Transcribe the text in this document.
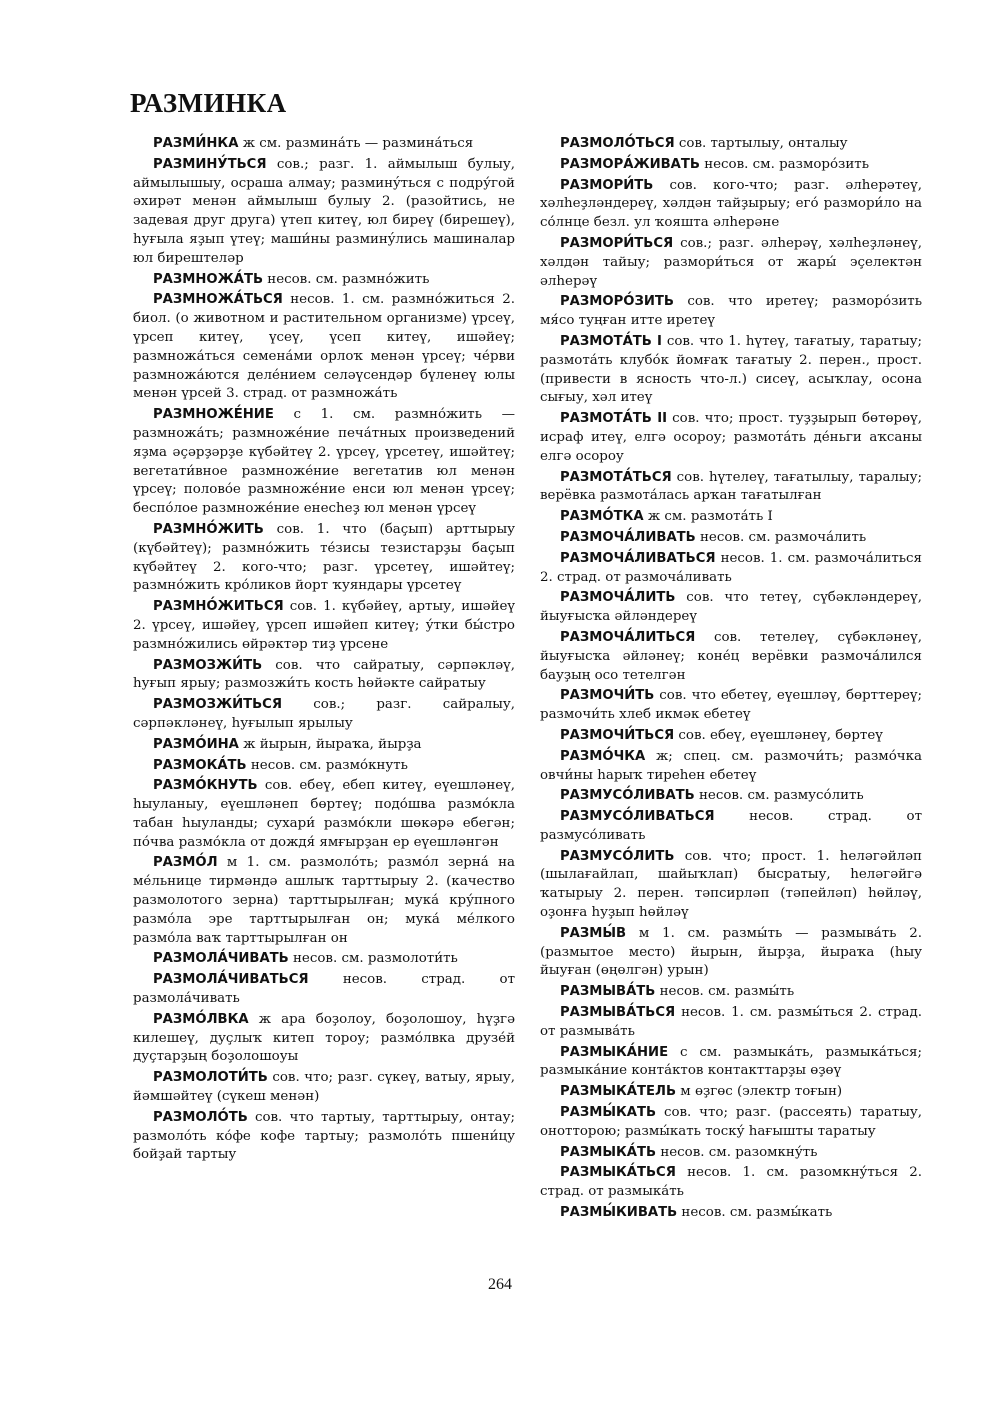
РАЗМИНКА

РАЗМИ́НКА ж см. размина́ть — размина́ться

РАЗМИНУ́ТЬСЯ сов.; разг. 1. аймылыш булыу, аймылышыу, осраша алмау; разминýться с подру́гой әхирәт менән аймылыш булыу 2. (разойтись, не задевая друг друга) үтеп китеү, юл биреү (бирешеү), һуғыла яҙып үтеү; маши́ны разминýлись машиналар юл бирештеләр

РАЗМНОЖА́ТЬ несов. см. размно́жить

РАЗМНОЖА́ТЬСЯ несов. 1. см. размно́житься 2. биол. (о животном и растительном организме) үрсеү, үрсеп китеү, үсеү, үсеп китеү, ишәйеү; размножа́ться семена́ми орлоҡ менән үрсеү; че́рви размножа́ются деле́нием селәүсендәр бүленеү юлы менән үрсей 3. страд. от размножа́ть

РАЗМНОЖЕ́НИЕ с 1. см. размно́жить — размножа́ть; размноже́ние печа́тных произведений яҙма әҫәрҙәрҙе күбәйтеү 2. үрсеү, үрсетеү, ишәйтеү; вегетати́вное размноже́ние вегетатив юл менән үрсеү; полово́е размноже́ние енси юл менән үрсеү; беспо́лое размноже́ние енесһеҙ юл менән үрсеү

РАЗМНО́ЖИТЬ сов. 1. что (баҫып) арттырыу (күбәйтеү); размно́жить те́зисы тезистарҙы баҫып күбәйтеү 2. кого-что; разг. үрсетеү, ишәйтеү; размно́жить кро́ликов йорт ҡуяндары үрсетеү

РАЗМНО́ЖИТЬСЯ сов. 1. күбәйеү, артыу, ишәйеү 2. үрсеү, ишәйеү, үрсеп ишәйеп китеү; у́тки бы́стро размно́жились өйрәктәр тиҙ үрсене

РАЗМОЗЖИ́ТЬ сов. что сайратыу, сәрпәкләү, һуғып ярыу; размозжи́ть кость һөйәкте сайратыу

РАЗМОЗЖИ́ТЬСЯ сов.; разг. сайралыу, сәрпәкләнеү, һуғылып ярылыу

РАЗМО́ИНА ж йырын, йыраҡа, йырҙа

РАЗМОКА́ТЬ несов. см. размо́кнуть

РАЗМО́КНУТЬ сов. ебеү, ебеп китеү, еүешләнеү, һыуланыу, еүешләнеп бөртеү; подо́шва размо́кла табан һыуланды; сухари́ размо́кли шөкәрә ебегән; по́чва размо́кла от дождя́ ямғырҙан ер еүешләнгән

РАЗМО́Л м 1. см. размоло́ть; размо́л зерна́ на ме́льнице тирмәндә ашлыҡ тарттырыу 2. (качество размолотого зерна) тарттырылған; мука́ кру́пного размо́ла эре тарттырылған он; мука́ ме́лкого размо́ла ваҡ тарттырылған он

РАЗМОЛА́ЧИВАТЬ несов. см. размолоти́ть

РАЗМОЛА́ЧИВАТЬСЯ несов. страд. от размола́чивать

РАЗМО́ЛВКА ж ара боҙолоу, боҙолошоу, һүҙгә килешеү, дуҫлыҡ китеп тороу; размо́лвка друзе́й дуҫтарҙың боҙолошоуы

РАЗМОЛОТИ́ТЬ сов. что; разг. сүкеү, ватыу, ярыу, йәмшәйтеү (сүкеш менән)

РАЗМОЛО́ТЬ сов. что тартыу, тарттырыу, онтау; размоло́ть ко́фе кофе тартыу; размоло́ть пшени́цу бойҙай тартыу

РАЗМОЛО́ТЬСЯ сов. тартылыу, онталыу

РАЗМОРА́ЖИВАТЬ несов. см. разморо́зить

РАЗМОРИ́ТЬ сов. кого-что; разг. әлһерәтеү, хәлһеҙләндереү, хәлдән тайҙырыу; его́ размори́ло на со́лнце безл. ул ҡояшта әлһерәне

РАЗМОРИ́ТЬСЯ сов.; разг. әлһерәү, хәлһеҙләнеү, хәлдән тайыу; размори́ться от жары́ эҫелектән әлһерәү

РАЗМОРО́ЗИТЬ сов. что иретеү; разморо́зить мя́со туңған итте иретеү

РАЗМОТА́ТЬ I сов. что 1. һүтеү, тағатыу, таратыу; размота́ть клубо́к йомғаҡ тағатыу 2. перен., прост. (привести в ясность что-л.) сисеү, асыҡлау, осона сығыу, хәл итеү

РАЗМОТА́ТЬ II сов. что; прост. туҙҙырып бөтөрөү, исраф итеү, елгә осороу; размота́ть де́ньги аҡсаны елгә осороу

РАЗМОТА́ТЬСЯ сов. һүтелеү, тағатылыу, таралыу; верёвка размота́лась арҡан тағатылған

РАЗМО́ТКА ж см. размота́ть I

РАЗМОЧА́ЛИВАТЬ несов. см. размоча́лить

РАЗМОЧА́ЛИВАТЬСЯ несов. 1. см. размоча́литься 2. страд. от размоча́ливать

РАЗМОЧА́ЛИТЬ сов. что тетеү, сүбәкләндереү, йыуғысҡа әйләндереү

РАЗМОЧА́ЛИТЬСЯ сов. тетелеү, сүбәкләнеү, йыуғысҡа әйләнеү; коне́ц верёвки размоча́лился бауҙың осо тетелгән

РАЗМОЧИ́ТЬ сов. что ебетеү, еүешләү, бөрттереү; размочи́ть хлеб икмәк ебетеү

РАЗМОЧИ́ТЬСЯ сов. ебеү, еүешләнеү, бөртеү

РАЗМО́ЧКА ж; спец. см. размочи́ть; размо́чка овчи́ны һарыҡ тиреһен ебетеү

РАЗМУСО́ЛИВАТЬ несов. см. размусо́лить

РАЗМУСО́ЛИВАТЬСЯ несов. страд. от размусо́ливать

РАЗМУСО́ЛИТЬ сов. что; прост. 1. һеләгәйләп (шылағайлап, шайыҡлап) бысратыу, һеләгәйгә ҡатырыу 2. перен. тәпсирләп (тәпейләп) һөйләү, оҙонға һуҙып һөйләү

РАЗМЫ́В м 1. см. размы́ть — размыва́ть 2. (размытое место) йырын, йырҙа, йыраҡа (һыу йыуған (өңөлгән) урын)

РАЗМЫВА́ТЬ несов. см. размы́ть

РАЗМЫВА́ТЬСЯ несов. 1. см. размы́ться 2. страд. от размыва́ть

РАЗМЫКА́НИЕ с см. размыка́ть, размыка́ться; размыка́ние конта́ктов контакттарҙы өҙөү

РАЗМЫКА́ТЕЛЬ м өҙгөс (электр тоғын)

РАЗМЫ́КАТЬ сов. что; разг. (рассеять) таратыу, онотторою; размы́кать тоску́ һағышты таратыу

РАЗМЫКА́ТЬ несов. см. разомкну́ть

РАЗМЫКА́ТЬСЯ несов. 1. см. разомкну́ться 2. страд. от размыка́ть

РАЗМЫ́КИВАТЬ несов. см. размы́кать

264
